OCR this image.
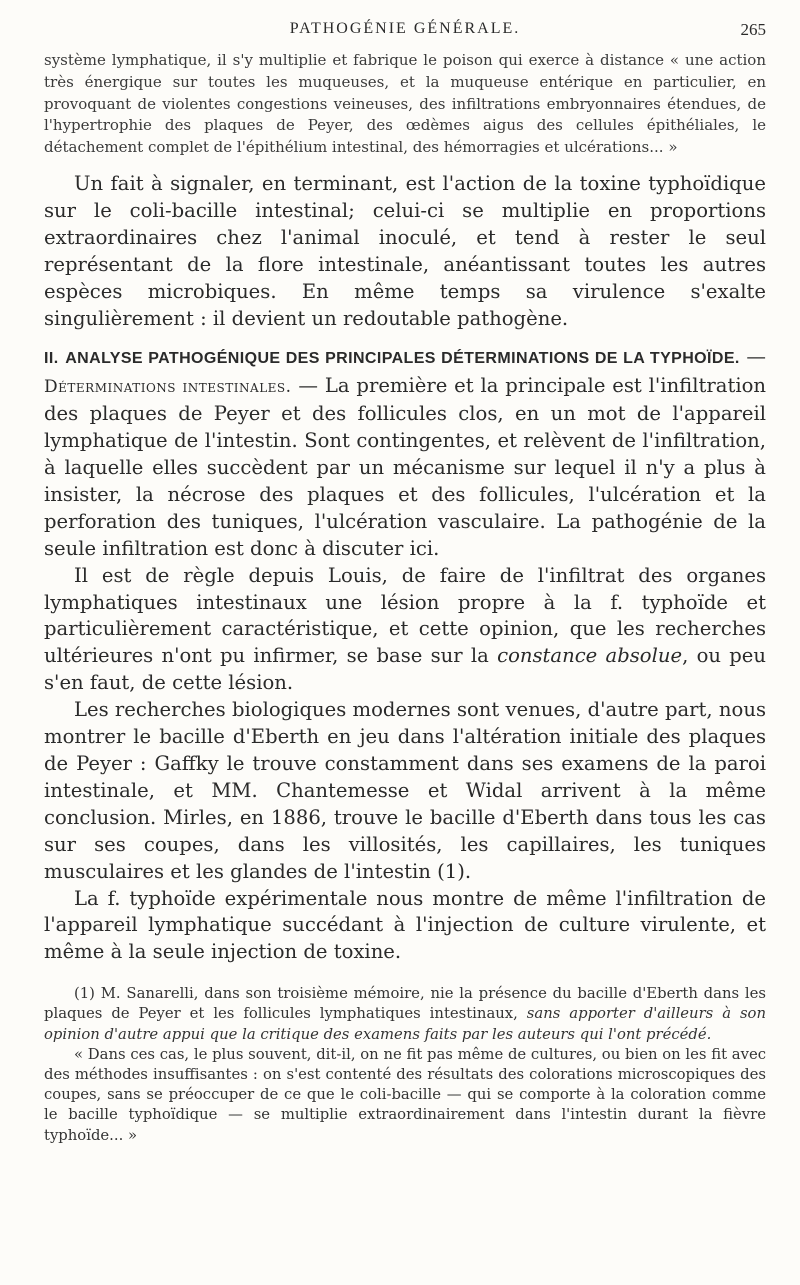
PATHOGÉNIE GÉNÉRALE.	265

système lymphatique, il s'y multiplie et fabrique le poison qui exerce à distance « une action très énergique sur toutes les muqueuses, et la muqueuse entérique en particulier, en provoquant de violentes congestions veineuses, des infiltrations embryonnaires étendues, de l'hypertrophie des plaques de Peyer, des œdèmes aigus des cellules épithéliales, le détachement complet de l'épithélium intestinal, des hémorragies et ulcérations... »

Un fait à signaler, en terminant, est l'action de la toxine typhoïdique sur le coli-bacille intestinal; celui-ci se multiplie en proportions extraordinaires chez l'animal inoculé, et tend à rester le seul représentant de la flore intestinale, anéantissant toutes les autres espèces microbiques. En même temps sa virulence s'exalte singulièrement : il devient un redoutable pathogène.

II. ANALYSE PATHOGÉNIQUE DES PRINCIPALES DÉTERMINATIONS DE LA TYPHOÏDE. — Déterminations intestinales. — La première et la principale est l'infiltration des plaques de Peyer et des follicules clos, en un mot de l'appareil lymphatique de l'intestin. Sont contingentes, et relèvent de l'infiltration, à laquelle elles succèdent par un mécanisme sur lequel il n'y a plus à insister, la nécrose des plaques et des follicules, l'ulcération et la perforation des tuniques, l'ulcération vasculaire. La pathogénie de la seule infiltration est donc à discuter ici.

Il est de règle depuis Louis, de faire de l'infiltrat des organes lymphatiques intestinaux une lésion propre à la f. typhoïde et particulièrement caractéristique, et cette opinion, que les recherches ultérieures n'ont pu infirmer, se base sur la constance absolue, ou peu s'en faut, de cette lésion.

Les recherches biologiques modernes sont venues, d'autre part, nous montrer le bacille d'Eberth en jeu dans l'altération initiale des plaques de Peyer : Gaffky le trouve constamment dans ses examens de la paroi intestinale, et MM. Chantemesse et Widal arrivent à la même conclusion. Mirles, en 1886, trouve le bacille d'Eberth dans tous les cas sur ses coupes, dans les villosités, les capillaires, les tuniques musculaires et les glandes de l'intestin (1).

La f. typhoïde expérimentale nous montre de même l'infiltration de l'appareil lymphatique succédant à l'injection de culture virulente, et même à la seule injection de toxine.

(1) M. Sanarelli, dans son troisième mémoire, nie la présence du bacille d'Eberth dans les plaques de Peyer et les follicules lymphatiques intestinaux, sans apporter d'ailleurs à son opinion d'autre appui que la critique des examens faits par les auteurs qui l'ont précédé.

« Dans ces cas, le plus souvent, dit-il, on ne fit pas même de cultures, ou bien on les fit avec des méthodes insuffisantes : on s'est contenté des résultats des colorations microscopiques des coupes, sans se préoccuper de ce que le coli-bacille — qui se comporte à la coloration comme le bacille typhoïdique — se multiplie extraordinairement dans l'intestin durant la fièvre typhoïde... »
